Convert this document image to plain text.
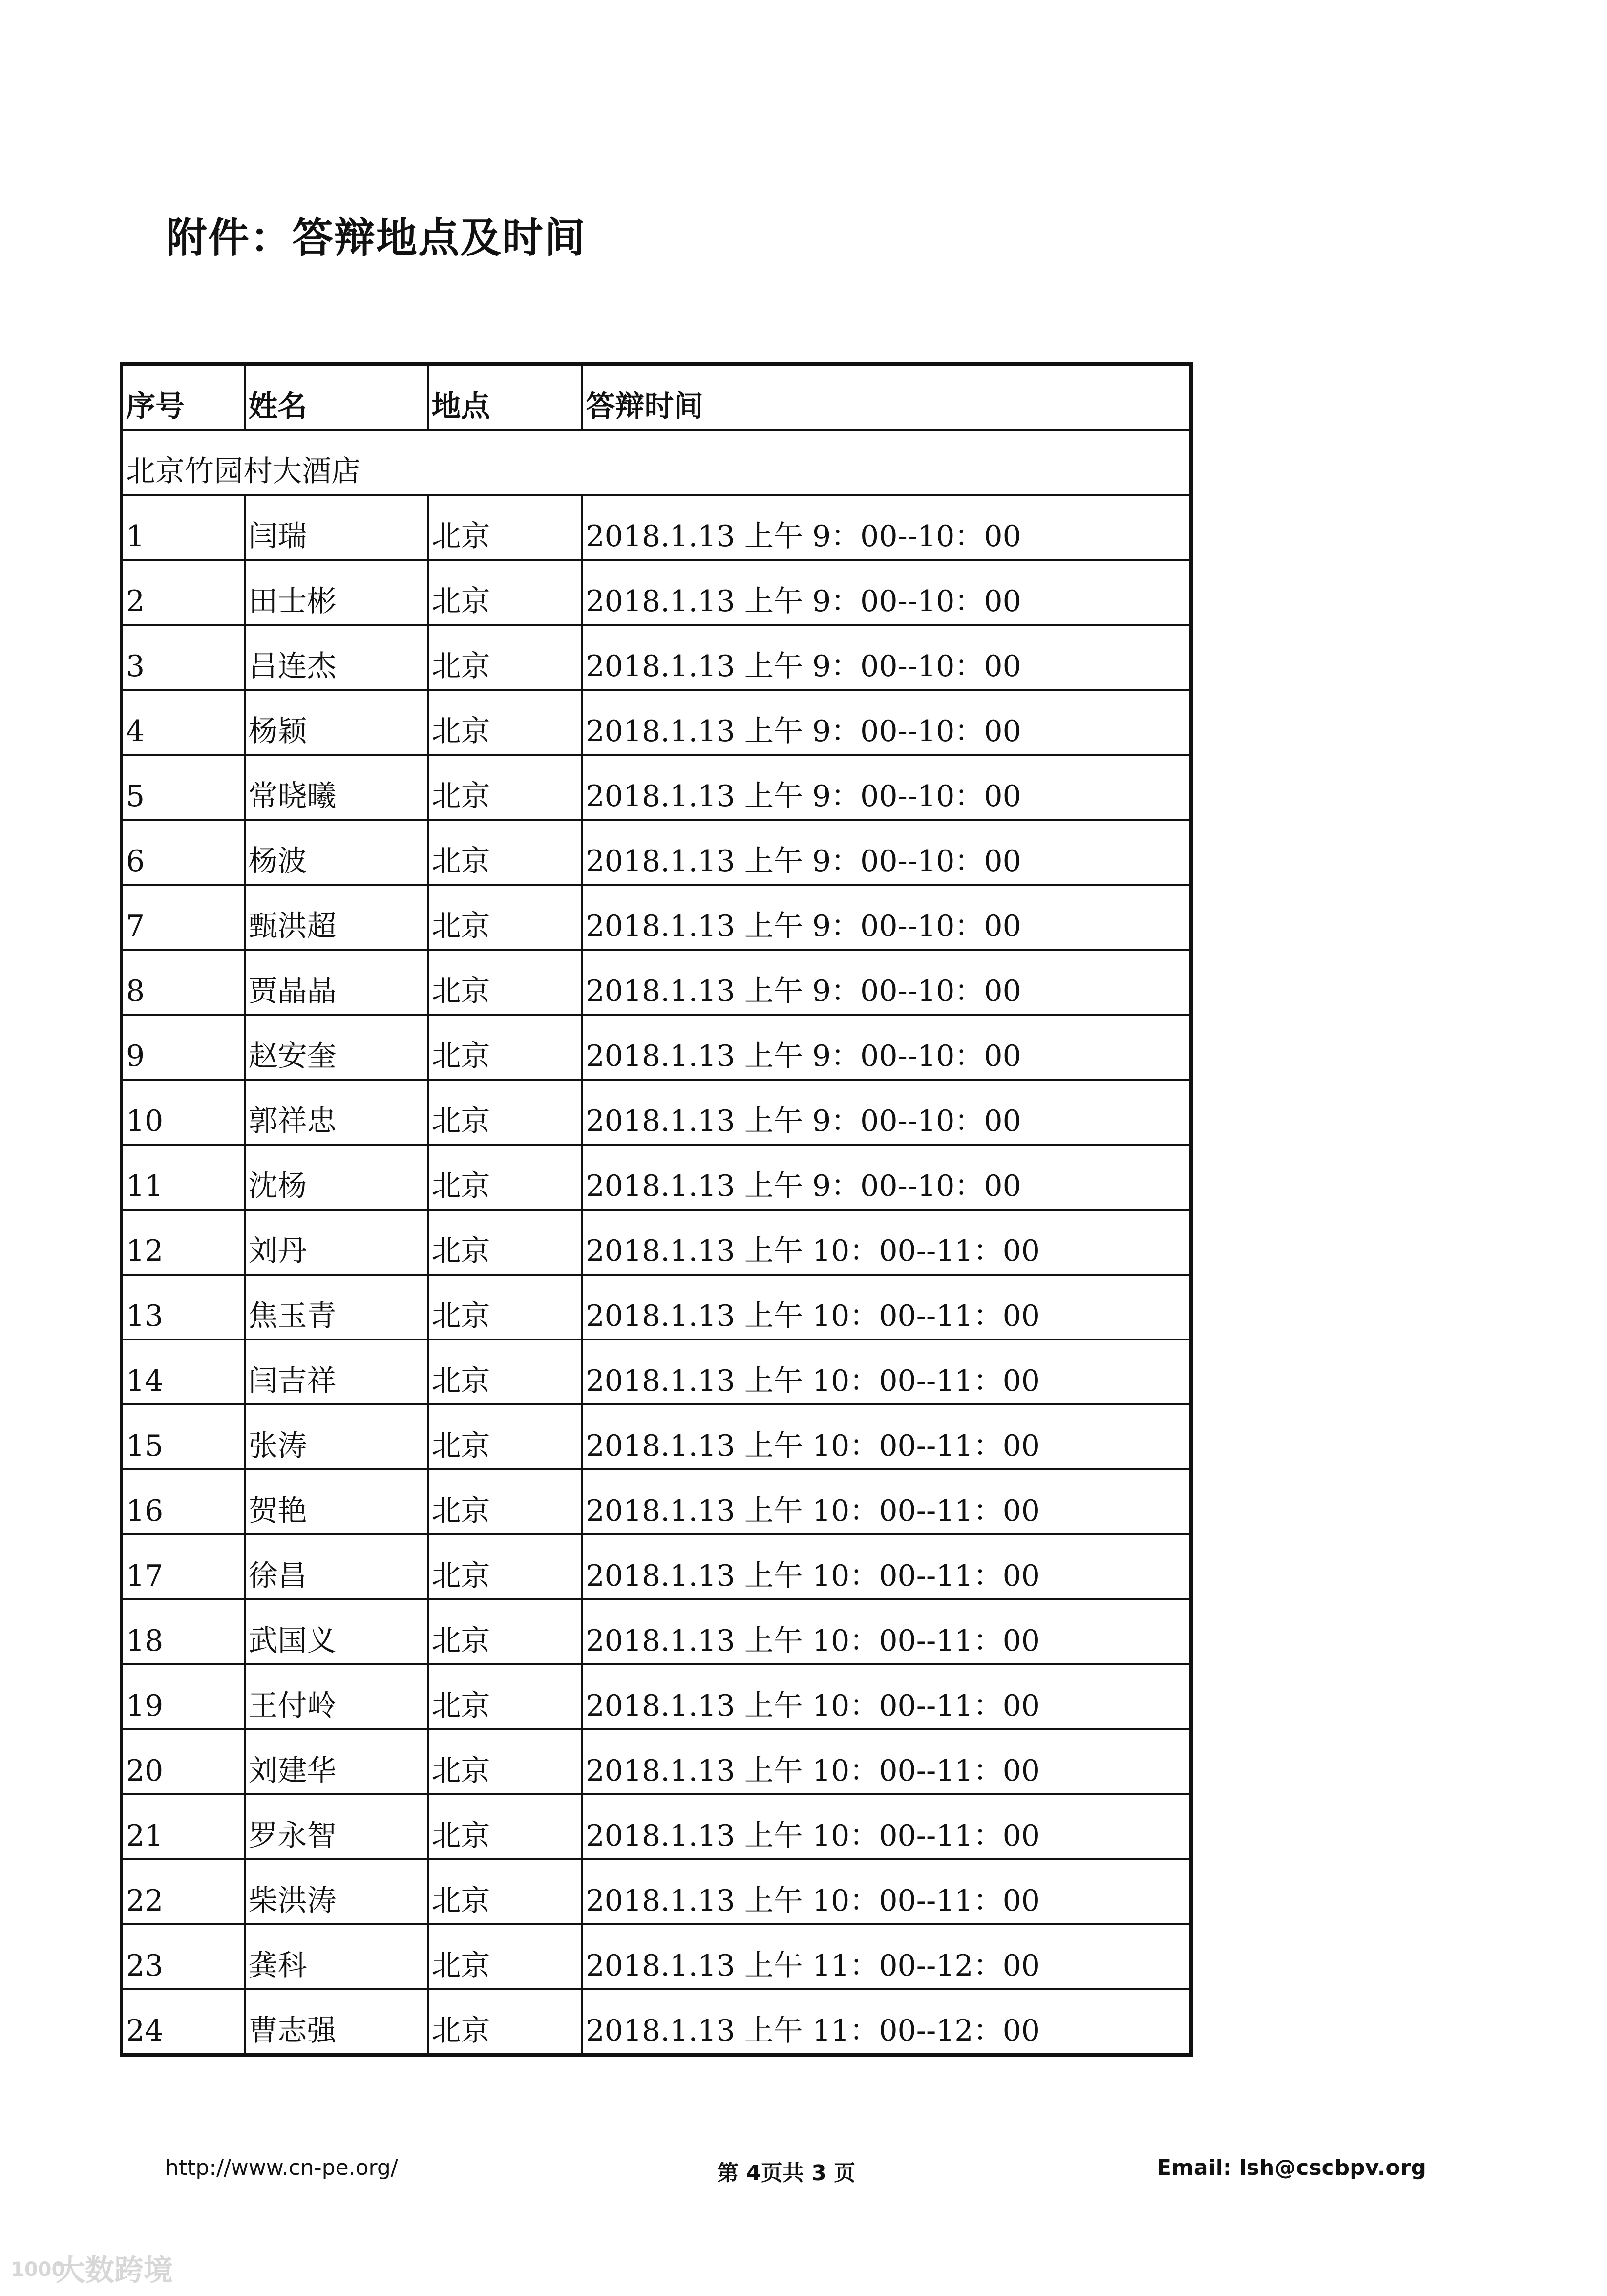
附件：答辩地点及时间
序号	姓名	地点	答辩时间
北京竹园村大酒店			
1	闫瑞	北京	2018.1.13 上午 9：00--10：00
2	田士彬	北京	2018.1.13 上午 9：00--10：00
3	吕连杰	北京	2018.1.13 上午 9：00--10：00
4	杨颖	北京	2018.1.13 上午 9：00--10：00
5	常晓曦	北京	2018.1.13 上午 9：00--10：00
6	杨波	北京	2018.1.13 上午 9：00--10：00
7	甄洪超	北京	2018.1.13 上午 9：00--10：00
8	贾晶晶	北京	2018.1.13 上午 9：00--10：00
9	赵安奎	北京	2018.1.13 上午 9：00--10：00
10	郭祥忠	北京	2018.1.13 上午 9：00--10：00
11	沈杨	北京	2018.1.13 上午 9：00--10：00
12	刘丹	北京	2018.1.13 上午 10：00--11：00
13	焦玉青	北京	2018.1.13 上午 10：00--11：00
14	闫吉祥	北京	2018.1.13 上午 10：00--11：00
15	张涛	北京	2018.1.13 上午 10：00--11：00
16	贺艳	北京	2018.1.13 上午 10：00--11：00
17	徐昌	北京	2018.1.13 上午 10：00--11：00
18	武国义	北京	2018.1.13 上午 10：00--11：00
19	王付岭	北京	2018.1.13 上午 10：00--11：00
20	刘建华	北京	2018.1.13 上午 10：00--11：00
21	罗永智	北京	2018.1.13 上午 10：00--11：00
22	柴洪涛	北京	2018.1.13 上午 10：00--11：00
23	龚科	北京	2018.1.13 上午 11：00--12：00
24	曹志强	北京	2018.1.13 上午 11：00--12：00
http://www.cn-pe.org/	第 4页共 3 页	Email: lsh@cscbpv.org
1000
大数跨境
